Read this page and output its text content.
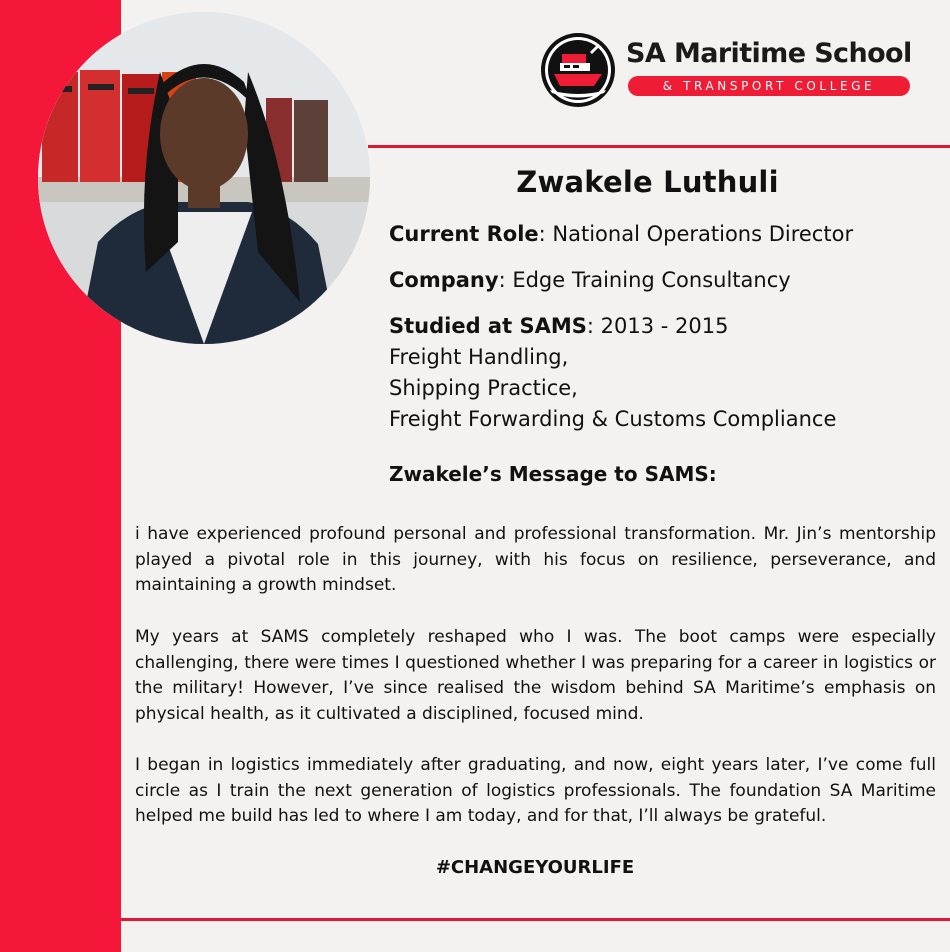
SA Maritime School
& TRANSPORT COLLEGE
Zwakele Luthuli
Current Role: National Operations Director
Company: Edge Training Consultancy
Studied at SAMS: 2013 - 2015
Freight Handling,
Shipping Practice,
Freight Forwarding & Customs Compliance
Zwakele’s Message to SAMS:
i have experienced profound personal and professional transformation. Mr. Jin’s mentorship played a pivotal role in this journey, with his focus on resilience, perseverance, and maintaining a growth mindset.
My years at SAMS completely reshaped who I was. The boot camps were especially challenging, there were times I questioned whether I was preparing for a career in logistics or the military! However, I’ve since realised the wisdom behind SA Maritime’s emphasis on physical health, as it cultivated a disciplined, focused mind.
I began in logistics immediately after graduating, and now, eight years later, I’ve come full circle as I train the next generation of logistics professionals. The foundation SA Maritime helped me build has led to where I am today, and for that, I’ll always be grateful.
#CHANGEYOURLIFE
